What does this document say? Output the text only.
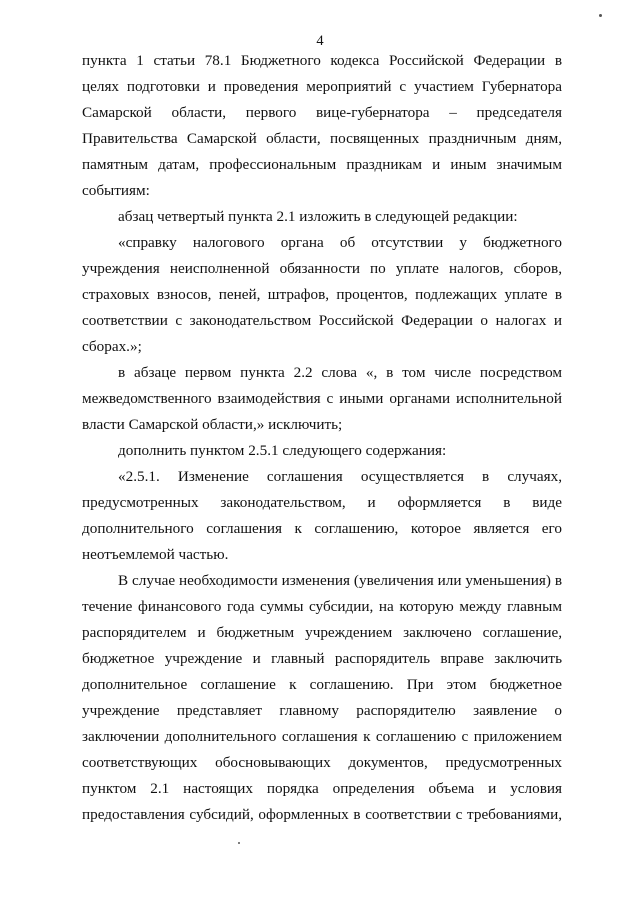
4
пункта 1 статьи 78.1 Бюджетного кодекса Российской Федерации в
целях подготовки и проведения мероприятий с участием Губернатора
Самарской области, первого вице-губернатора – председателя
Правительства Самарской области, посвященных праздничным дням,
памятным датам, профессиональным праздникам и иным значимым
событиям:
абзац четвертый пункта 2.1 изложить в следующей редакции:
«справку налогового органа об отсутствии у бюджетного
учреждения неисполненной обязанности по уплате налогов, сборов,
страховых взносов, пеней, штрафов, процентов, подлежащих уплате в
соответствии с законодательством Российской Федерации о налогах и
сборах.»;
в абзаце первом пункта 2.2 слова «, в том числе посредством
межведомственного взаимодействия с иными органами исполнительной
власти Самарской области,» исключить;
дополнить пунктом 2.5.1 следующего содержания:
«2.5.1. Изменение соглашения осуществляется в случаях,
предусмотренных законодательством, и оформляется в виде
дополнительного соглашения к соглашению, которое является его
неотъемлемой частью.
В случае необходимости изменения (увеличения или уменьшения) в
течение финансового года суммы субсидии, на которую между главным
распорядителем и бюджетным учреждением заключено соглашение,
бюджетное учреждение и главный распорядитель вправе заключить
дополнительное соглашение к соглашению. При этом бюджетное
учреждение представляет главному распорядителю заявление о
заключении дополнительного соглашения к соглашению с приложением
соответствующих обосновывающих документов, предусмотренных
пунктом 2.1 настоящих порядка определения объема и условия
предоставления субсидий, оформленных в соответствии с требованиями,
